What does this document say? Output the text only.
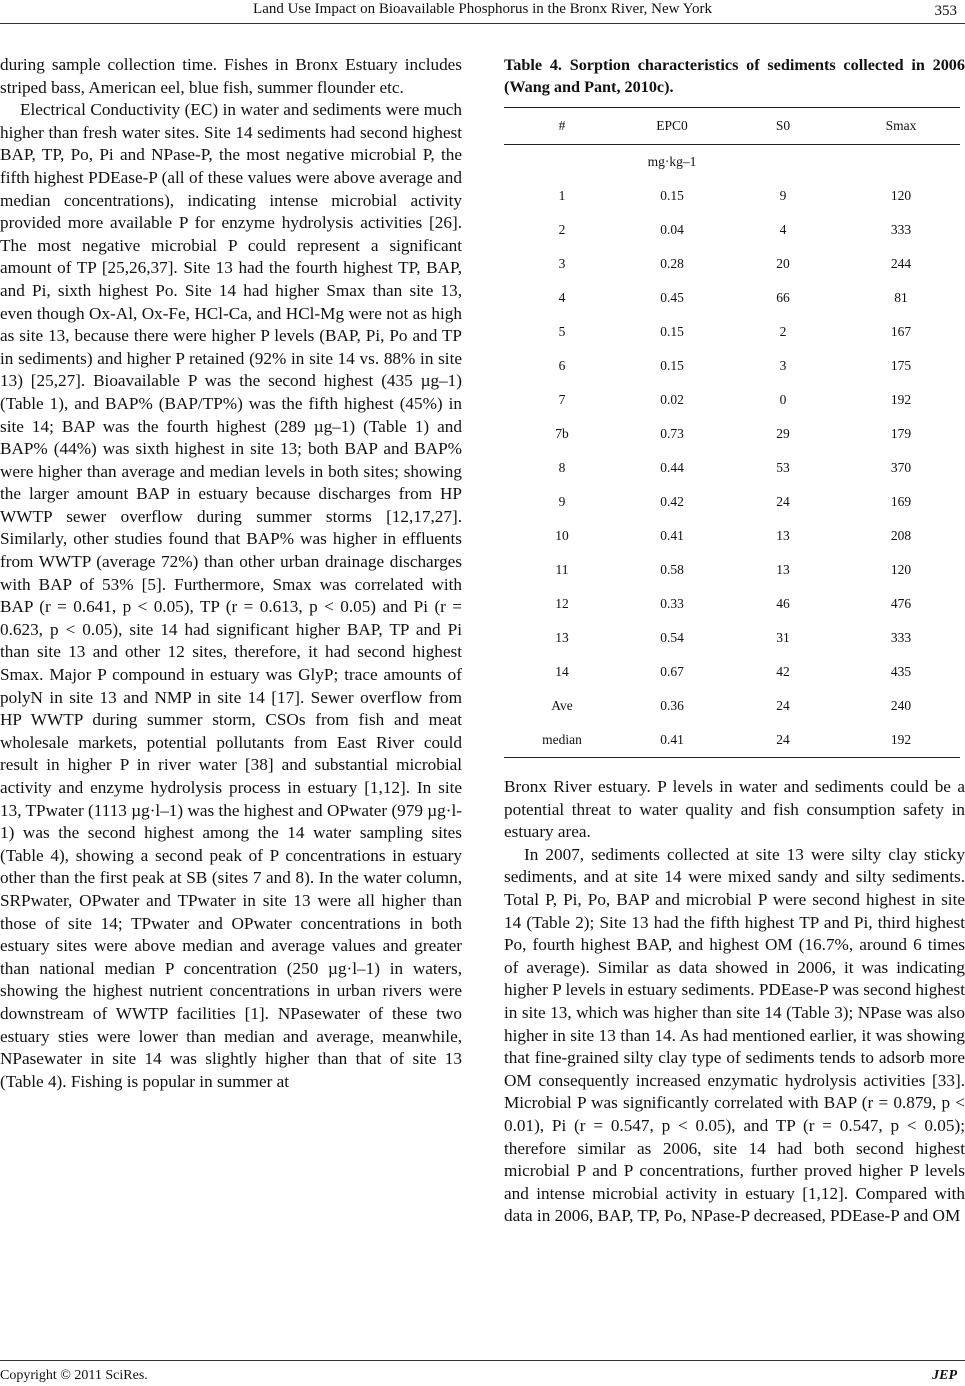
Land Use Impact on Bioavailable Phosphorus in the Bronx River, New York	353

during sample collection time. Fishes in Bronx Estuary includes striped bass, American eel, blue fish, summer flounder etc.

Electrical Conductivity (EC) in water and sediments were much higher than fresh water sites. Site 14 sediments had second highest BAP, TP, Po, Pi and NPase-P, the most negative microbial P, the fifth highest PDEase-P (all of these values were above average and median concentrations), indicating intense microbial activity provided more available P for enzyme hydrolysis activities [26]. The most negative microbial P could represent a significant amount of TP [25,26,37]. Site 13 had the fourth highest TP, BAP, and Pi, sixth highest Po. Site 14 had higher Smax than site 13, even though Ox-Al, Ox-Fe, HCl-Ca, and HCl-Mg were not as high as site 13, because there were higher P levels (BAP, Pi, Po and TP in sediments) and higher P retained (92% in site 14 vs. 88% in site 13) [25,27]. Bioavailable P was the second highest (435 µg–1) (Table 1), and BAP% (BAP/TP%) was the fifth highest (45%) in site 14; BAP was the fourth highest (289 µg–1) (Table 1) and BAP% (44%) was sixth highest in site 13; both BAP and BAP% were higher than average and median levels in both sites; showing the larger amount BAP in estuary because discharges from HP WWTP sewer overflow during summer storms [12,17,27]. Similarly, other studies found that BAP% was higher in effluents from WWTP (average 72%) than other urban drainage discharges with BAP of 53% [5]. Furthermore, Smax was correlated with BAP (r = 0.641, p < 0.05), TP (r = 0.613, p < 0.05) and Pi (r = 0.623, p < 0.05), site 14 had significant higher BAP, TP and Pi than site 13 and other 12 sites, therefore, it had second highest Smax. Major P compound in estuary was GlyP; trace amounts of polyN in site 13 and NMP in site 14 [17]. Sewer overflow from HP WWTP during summer storm, CSOs from fish and meat wholesale markets, potential pollutants from East River could result in higher P in river water [38] and substantial microbial activity and enzyme hydrolysis process in estuary [1,12]. In site 13, TPwater (1113 µg·l–1) was the highest and OPwater (979 µg·l-1) was the second highest among the 14 water sampling sites (Table 4), showing a second peak of P concentrations in estuary other than the first peak at SB (sites 7 and 8). In the water column, SRPwater, OPwater and TPwater in site 13 were all higher than those of site 14; TPwater and OPwater concentrations in both estuary sites were above median and average values and greater than national median P concentration (250 µg·l–1) in waters, showing the highest nutrient concentrations in urban rivers were downstream of WWTP facilities [1]. NPasewater of these two estuary sties were lower than median and average, meanwhile, NPasewater in site 14 was slightly higher than that of site 13 (Table 4). Fishing is popular in summer at

Table 4. Sorption characteristics of sediments collected in 2006 (Wang and Pant, 2010c).
#	EPC0	S0	Smax
	mg·kg–1		
1	0.15	9	120
2	0.04	4	333
3	0.28	20	244
4	0.45	66	81
5	0.15	2	167
6	0.15	3	175
7	0.02	0	192
7b	0.73	29	179
8	0.44	53	370
9	0.42	24	169
10	0.41	13	208
11	0.58	13	120
12	0.33	46	476
13	0.54	31	333
14	0.67	42	435
Ave	0.36	24	240
median	0.41	24	192

Bronx River estuary. P levels in water and sediments could be a potential threat to water quality and fish consumption safety in estuary area.

In 2007, sediments collected at site 13 were silty clay sticky sediments, and at site 14 were mixed sandy and silty sediments. Total P, Pi, Po, BAP and microbial P were second highest in site 14 (Table 2); Site 13 had the fifth highest TP and Pi, third highest Po, fourth highest BAP, and highest OM (16.7%, around 6 times of average). Similar as data showed in 2006, it was indicating higher P levels in estuary sediments. PDEase-P was second highest in site 13, which was higher than site 14 (Table 3); NPase was also higher in site 13 than 14. As had mentioned earlier, it was showing that fine-grained silty clay type of sediments tends to adsorb more OM consequently increased enzymatic hydrolysis activities [33]. Microbial P was significantly correlated with BAP (r = 0.879, p < 0.01), Pi (r = 0.547, p < 0.05), and TP (r = 0.547, p < 0.05); therefore similar as 2006, site 14 had both second highest microbial P and P concentrations, further proved higher P levels and intense microbial activity in estuary [1,12]. Compared with data in 2006, BAP, TP, Po, NPase-P decreased, PDEase-P and OM

Copyright © 2011 SciRes.	JEP
